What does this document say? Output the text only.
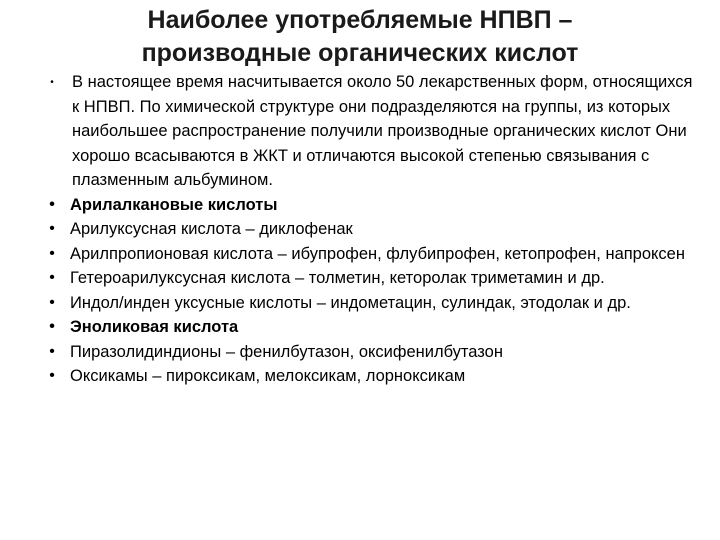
Наиболее употребляемые НПВП –
производные органических кислот
•	В настоящее время насчитывается около 50 лекарственных форм, относящихся к НПВП. По химической структуре они подразделяются на группы, из которых наибольшее распространение получили производные органических кислот Они хорошо всасываются в ЖКТ и отличаются высокой степенью связывания с плазменным альбумином.
• Арилалкановые кислоты
• Арилуксусная кислота – диклофенак
• Арилпропионовая кислота – ибупрофен, флубипрофен, кетопрофен, напроксен
• Гетероарилуксусная кислота – толметин, кеторолак триметамин и др.
• Индол/инден уксусные кислоты – индометацин, сулиндак, этодолак и др.
• Эноликовая кислота
• Пиразолидиндионы – фенилбутазон, оксифенилбутазон
• Оксикамы – пироксикам, мелоксикам, лорноксикам
